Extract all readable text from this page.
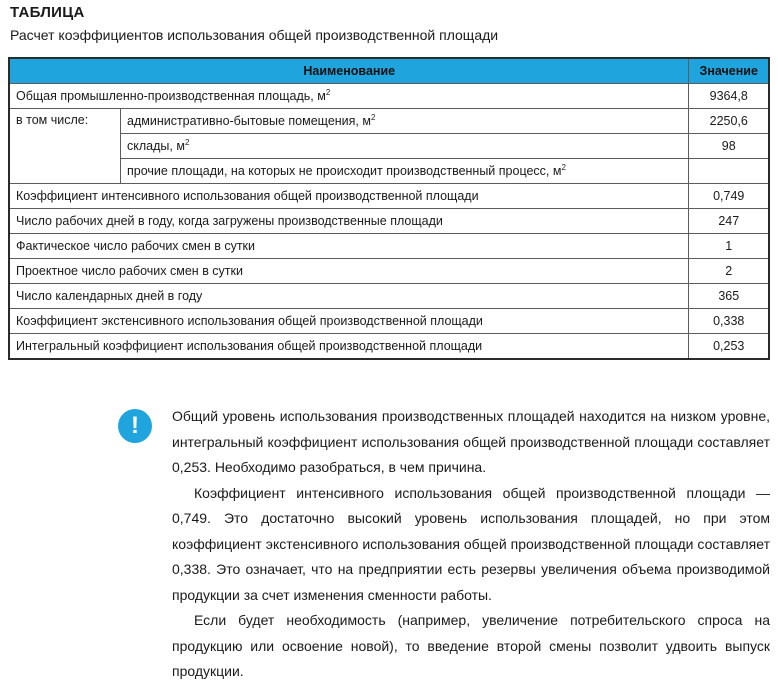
ТАБЛИЦА
Расчет коэффициентов использования общей производственной площади
Наименование		Значение
Общая промышленно-производственная площадь, $м^2$		9364,8
в том числе:	административно-бытовые помещения, $м^2$	2250,6
	склады, $м^2$	98
	прочие площади, на которых не происходит производственный процесс, $м^2$	
Коэффициент интенсивного использования общей производственной площади		0,749
Число рабочих дней в году, когда загружены производственные площади		247
Фактическое число рабочих смен в сутки		1
Проектное число рабочих смен в сутки		2
Число календарных дней в году		365
Коэффициент экстенсивного использования общей производственной площади		0,338
Интегральный коэффициент использования общей производственной площади		0,253
!	Общий уровень использования производственных площадей находится на низком уровне, интегральный коэффициент использования общей производственной площади составляет 0,253. Необходимо разобраться, в чем причина.

Коэффициент интенсивного использования общей производственной площади — 0,749. Это достаточно высокий уровень использования площадей, но при этом коэффициент экстенсивного использования общей производственной площади составляет 0,338. Это означает, что на предприятии есть резервы увеличения объема производимой продукции за счет изменения сменности работы.

Если будет необходимость (например, увеличение потребительского спроса на продукцию или освоение новой), то введение второй смены позволит удвоить выпуск продукции.
